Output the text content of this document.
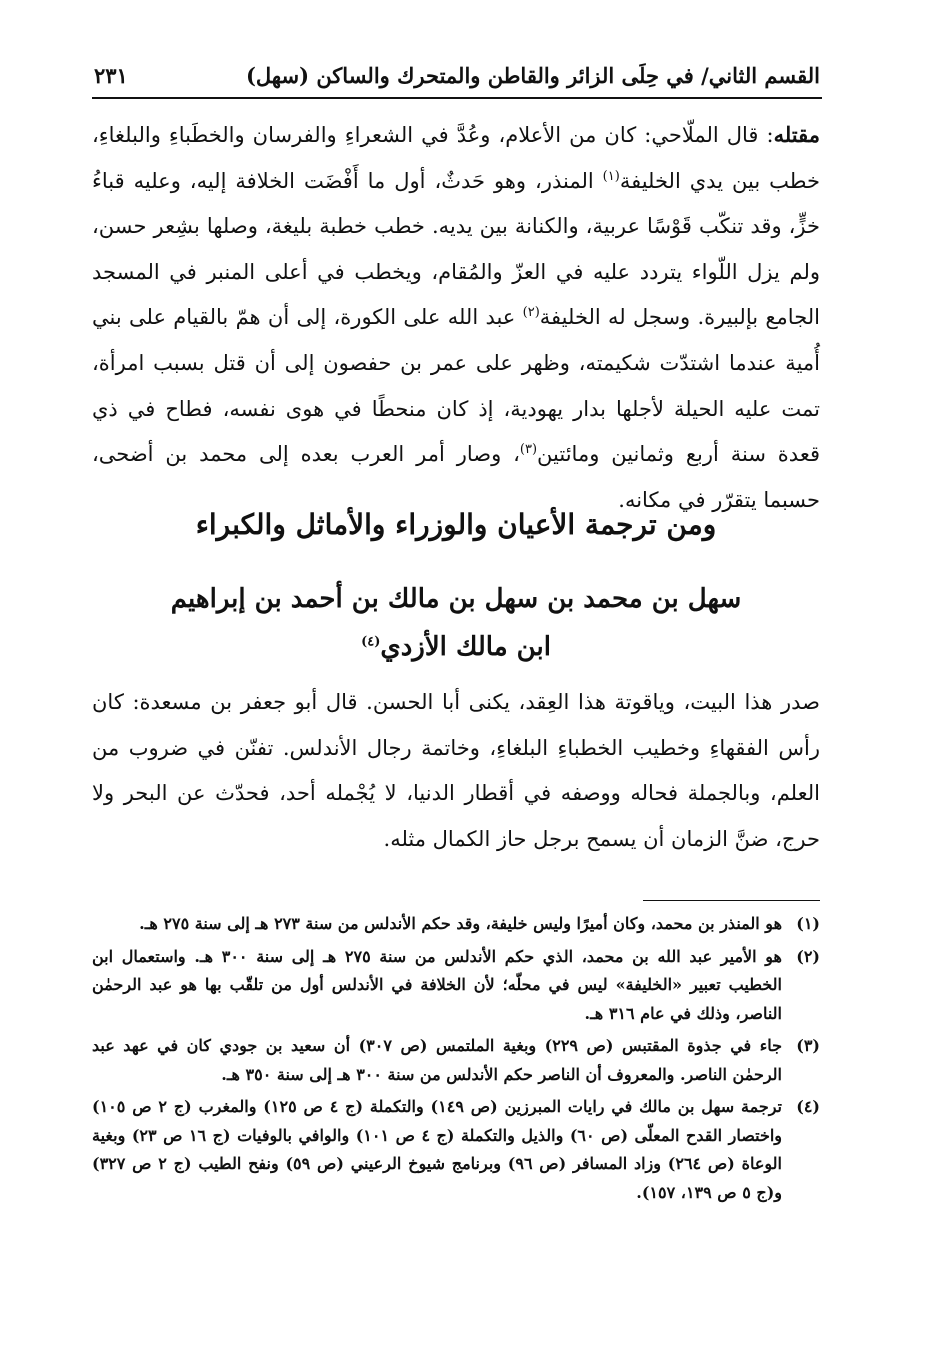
القسم الثاني/ في حِلَى الزائر والقاطن والمتحرك والساكن (سهل)
٢٣١

مقتله: قال الملّاحي: كان من الأعلام، وعُدَّ في الشعراءِ والفرسان والخطَباءِ والبلغاءِ، خطب بين يدي الخليفة$^{(١)}$ المنذر، وهو حَدثٌ، أول ما أَفْضَت الخلافة إليه، وعليه قباءُ خزٍّ، وقد تنكّب قَوْسًا عربية، والكنانة بين يديه. خطب خطبة بليغة، وصلها بشِعر حسن، ولم يزل اللّواء يتردد عليه في العزّ والمُقام، ويخطب في أعلى المنبر في المسجد الجامع بإلبيرة. وسجل له الخليفة$^{(٢)}$ عبد الله على الكورة، إلى أن همّ بالقيام على بني أُمية عندما اشتدّت شكيمته، وظهر على عمر بن حفصون إلى أن قتل بسبب امرأة، تمت عليه الحيلة لأجلها بدار يهودية، إذ كان منحطًا في هوى نفسه، فطاح في ذي قعدة سنة أربع وثمانين ومائتين$^{(٣)}$، وصار أمر العرب بعده إلى محمد بن أضحى، حسبما يتقرّر في مكانه.

ومن ترجمة الأعيان والوزراء والأماثل والكبراء
سهل بن محمد بن سهل بن مالك بن أحمد بن إبراهيم
ابن مالك الأزدي$^{(٤)}$

صدر هذا البيت، وياقوتة هذا العِقد، يكنى أبا الحسن. قال أبو جعفر بن مسعدة: كان رأس الفقهاءِ وخطيب الخطباءِ البلغاءِ، وخاتمة رجال الأندلس. تفنّن في ضروب من العلم، وبالجملة فحاله ووصفه في أقطار الدنيا، لا يُجْمله أحد، فحدّث عن البحر ولا حرج، ضنَّ الزمان أن يسمح برجل حاز الكمال مثله.

(١)
هو المنذر بن محمد، وكان أميرًا وليس خليفة، وقد حكم الأندلس من سنة ٢٧٣ هـ إلى سنة ٢٧٥ هـ.
(٢)
هو الأمير عبد الله بن محمد، الذي حكم الأندلس من سنة ٢٧٥ هـ إلى سنة ٣٠٠ هـ. واستعمال ابن الخطيب تعبير «الخليفة» ليس في محلّه؛ لأن الخلافة في الأندلس أول من تلقّب بها هو عبد الرحمٰن الناصر، وذلك في عام ٣١٦ هـ.
(٣)
جاء في جذوة المقتبس (ص ٢٢٩) وبغية الملتمس (ص ٣٠٧) أن سعيد بن جودي كان في عهد عبد الرحمٰن الناصر. والمعروف أن الناصر حكم الأندلس من سنة ٣٠٠ هـ إلى سنة ٣٥٠ هـ.
(٤)
ترجمة سهل بن مالك في رايات المبرزين (ص ١٤٩) والتكملة (ج ٤ ص ١٢٥) والمغرب (ج ٢ ص ١٠٥) واختصار القدح المعلّى (ص ٦٠) والذيل والتكملة (ج ٤ ص ١٠١) والوافي بالوفيات (ج ١٦ ص ٢٣) وبغية الوعاة (ص ٢٦٤) وزاد المسافر (ص ٩٦) وبرنامج شيوخ الرعيني (ص ٥٩) ونفح الطيب (ج ٢ ص ٣٢٧) و(ج ٥ ص ١٣٩، ١٥٧).
